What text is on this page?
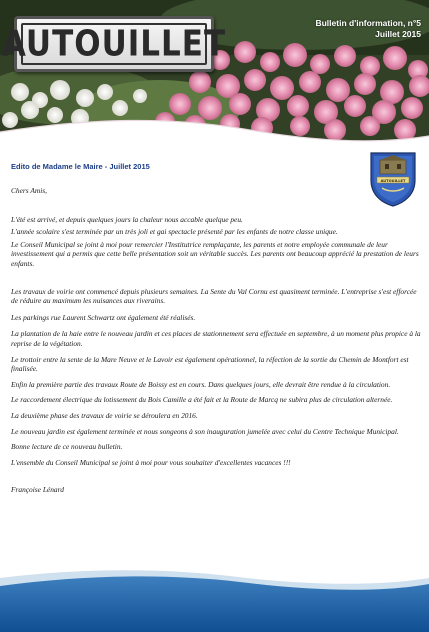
AUTOUILLET
Bulletin d'information, n°5
Juillet 2015
Edito de Madame le Maire - Juillet 2015
AUTOUILLET

Chers Amis,

L'été est arrivé, et depuis quelques jours la chaleur nous accable quelque peu.

L'année scolaire s'est terminée par un très joli et gai spectacle présenté par les enfants de notre classe unique.

Le Conseil Municipal se joint à moi pour remercier l'Institutrice remplaçante, les parents et notre employée communale de leur investissement qui a permis que cette belle présentation soit un véritable succès. Les parents ont beaucoup apprécié la prestation de leurs enfants.

Les travaux de voirie ont commencé depuis plusieurs semaines. La Sente du Val Cornu est quasiment terminée. L'entreprise s'est efforcée de réduire au maximum les nuisances aux riverains.

Les parkings rue Laurent Schwartz ont également été réalisés.

La plantation de la haie entre le nouveau jardin et ces places de stationnement sera effectuée en septembre, à un moment plus propice à la reprise de la végétation.

Le trottoir entre la sente de la Mare Neuve et le Lavoir est également opérationnel, la réfection de la sortie du Chemin de Montfort est finalisée.

Enfin la première partie des travaux Route de Boissy est en cours. Dans quelques jours, elle devrait être rendue à la circulation.

Le raccordement électrique du lotissement du Bois Camille a été fait et la Route de Marcq ne subira plus de circulation alternée.

La deuxième phase des travaux de voirie se déroulera en 2016.

Le nouveau jardin est également terminée et nous songeons à son inauguration jumelée avec celui du Centre Technique Municipal.

Bonne lecture de ce nouveau bulletin.

L'ensemble du Conseil Municipal se joint à moi pour vous souhaiter d'excellentes vacances !!!

Françoise Lénard
